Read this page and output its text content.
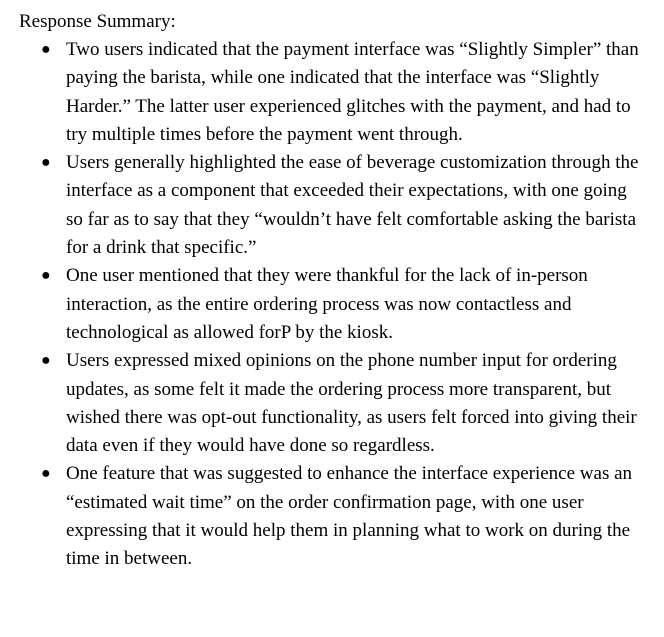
Response Summary:

● Two users indicated that the payment interface was “Slightly Simpler” than paying the barista, while one indicated that the interface was “Slightly Harder.” The latter user experienced glitches with the payment, and had to try multiple times before the payment went through.
● Users generally highlighted the ease of beverage customization through the interface as a component that exceeded their expectations, with one going so far as to say that they “wouldn’t have felt comfortable asking the barista for a drink that specific.”
● One user mentioned that they were thankful for the lack of in-person interaction, as the entire ordering process was now contactless and technological as allowed forP by the kiosk.
● Users expressed mixed opinions on the phone number input for ordering updates, as some felt it made the ordering process more transparent, but wished there was opt-out functionality, as users felt forced into giving their data even if they would have done so regardless.
● One feature that was suggested to enhance the interface experience was an “estimated wait time” on the order confirmation page, with one user expressing that it would help them in planning what to work on during the time in between.
